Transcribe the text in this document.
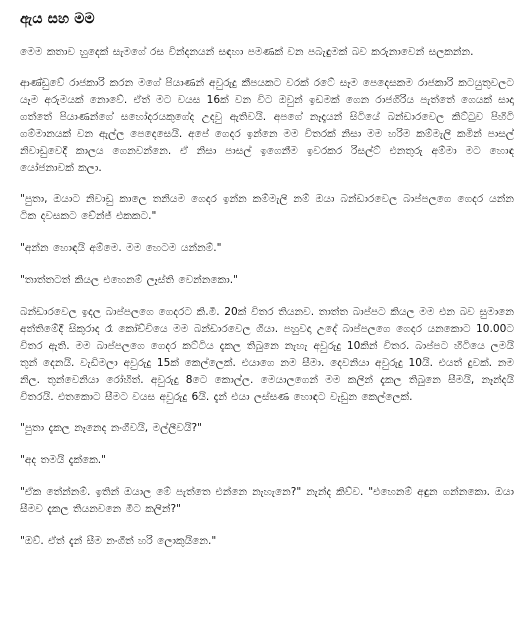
ඇය සහ මම
මෙම කතාව හුදෙක් සැමගේ රස වින්දනයන් සඳහා පමණක් වන පබැඳුමක් බව කරුනාවෙන් සලකන්න.
ආණ්ඩුවේ රාජකාරි කරන මගේ පියාණන් අවුරුදු කීපයකට වරක් රටේ සෑම පෙදෙසකම රාජකාරි කටයුතුවලට යෑම අරුමයක් නොවේ. ඒත් මට වයස 16ක් වන විට ඔවුන් ඉඩමක් ගෙන රාජගිරිය පැත්තේ ගෙයක් සාදා ගත්තේ පියාණන්ගේ සහෝදරයකුගේද උදවු ඇතිවයි. අපගේ නෑදෑයන් සිටියේ බන්ඩාරවෙල කිට්ටුව පිහිටි ගම්මානයක් වන ඇල්ල පෙදෙසෙයි. අපේ ගෙදර ඉන්නෙ මම විතරක් නිසා මම හරිම කම්මැලි කමින් පාසල් නිවාඩුවෙදී කාලය ගෙනවන්නෙ. ඒ නිසා පාසල් ඉගෙනීම ඉවරකර රිසල්ට් එනතුරු අම්මා මට හොඳ යෝජනාවක් කලා.
"පුතා, ඔයාට නිවාඩු කාලෙ තනියම ගෙදර ඉන්න කම්මැලි නම් ඔයා බන්ඩාරවෙල බාප්පලගෙ ගෙදර යන්න ටික දවසකට චේන්ජ් එකකට."
"අන්න හොඳයි අම්මෙ. මම හෙටම යන්නම්."
"තාත්තටත් කියල එහෙනම් ලෑස්ති වෙන්නකො."
බන්ඩාරවෙල ඉදල බාප්පලගෙ ගෙදරට කි.මී. 20ක් විතර තියනව. තාත්ත බාප්පට කියල මම එන බව සුමානෙ අත්තිමේදී සිකුරාද රෑ කෝච්චියෙ මම බන්ඩාරවෙල ගියා. පහුවදා උදේ බාප්පලගෙ ගෙදර යනකොට 10.00ට විතර ඇති. මම බාප්පලගෙ ගෙදර කට්ටිය දැකල තිබුනෙ නැහැ අවුරුදු 10කින් විතර. බාප්පට හිටියෙ ලමයි තුන් දෙනයි. වැඩිමලා අවුරුදු 15ක් කෙල්ලෙක්. එයාගෙ නම සීමා. දෙවනියා අවුරුදු 10යි. එයත් දුවක්. නම නිල. තුන්වෙනියා රෝහිත්. අවුරුදු 8ටෙ කොල්ල. මෙයාලගෙන් මම කලින් දැකල තිබුනෙ සීමයි, නෑන්දයි විතරයි. එතකොට සීමට වයස අවුරුදු 6යි. දැන් එයා ලස්සණ හොඳට වැඩුන කෙල්ලෙක්.
"පුතා දැකල නෑනෙද නංගීවයි, මල්ලීවයි?"
"අද තමයි දැක්කෙ."
"ඒක තේන්නම්. ඉතින් ඔයාල මේ පැත්තෙ එන්නෙ නැහැනෙ?" නැන්ද කිව්ව. "එහෙනම් අඳුන ගන්නකො. ඔයා සීමව දැකල තියනවනෙ මීට කලින්?"
"ඔව්. ඒත් දැන් සීම නංගීත් හරි ලොකුයිනෙ."
